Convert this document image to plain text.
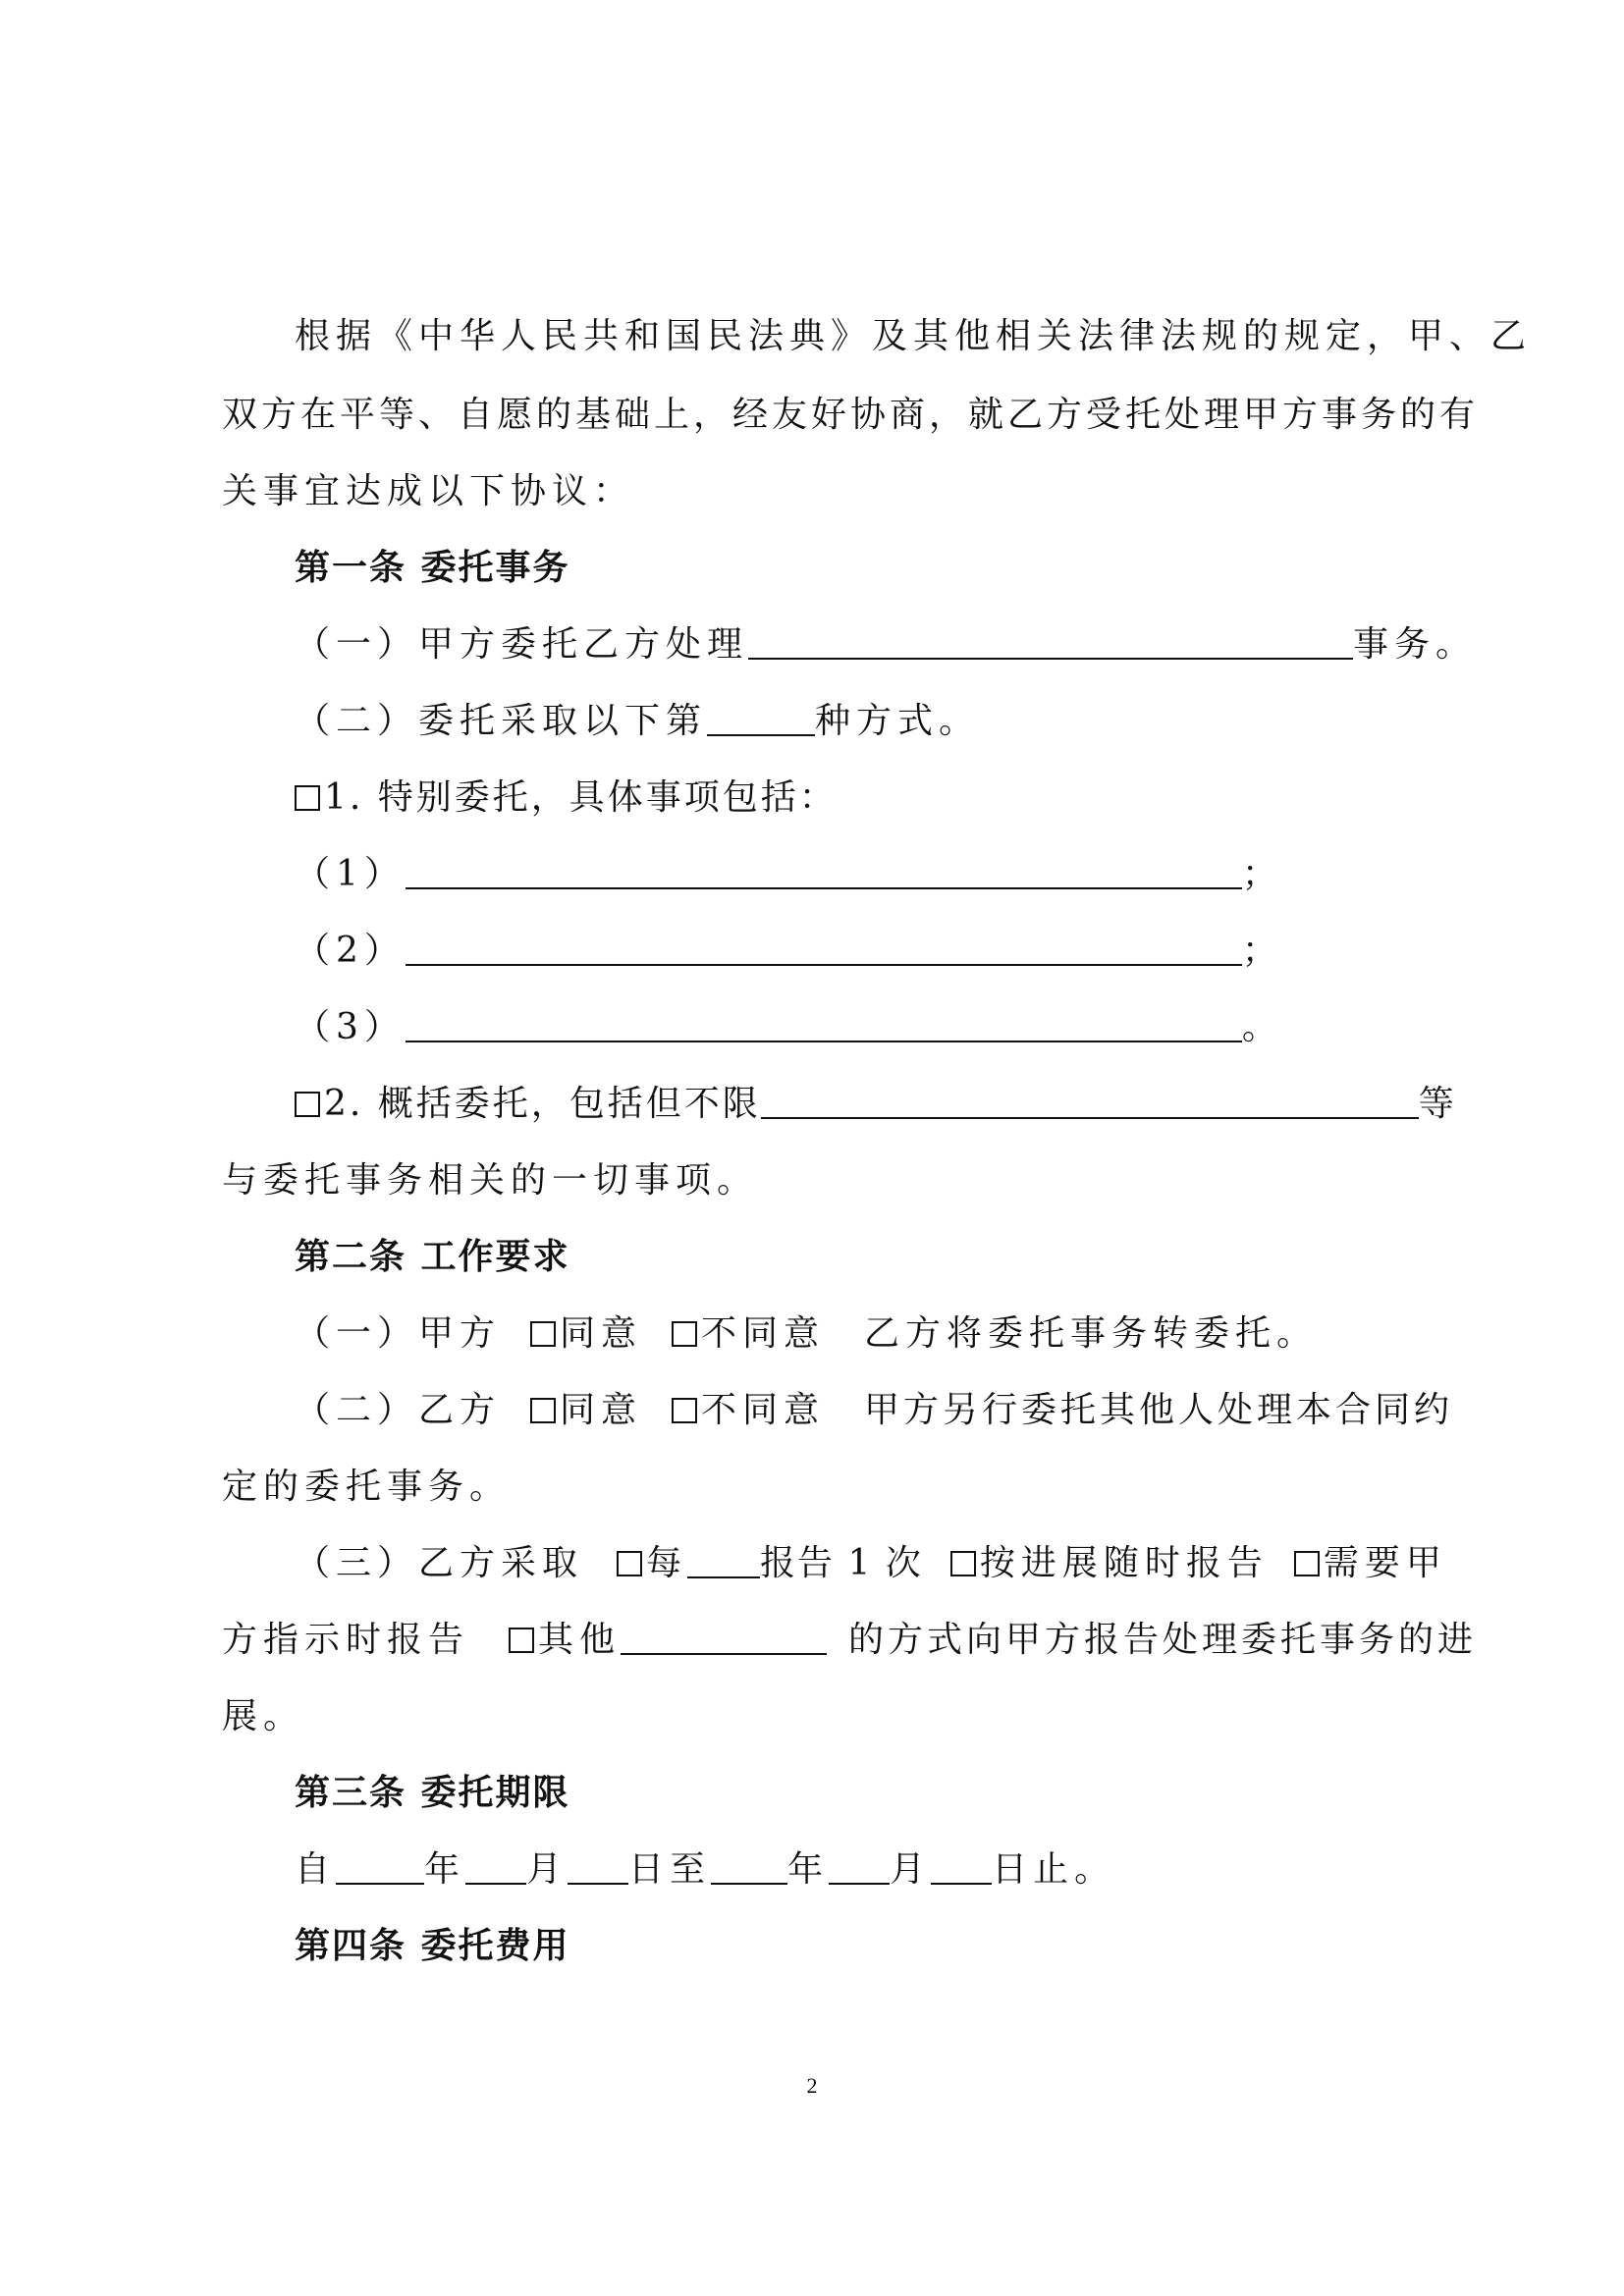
根据《中华人民共和国民法典》及其他相关法律法规的规定，甲、乙
双方在平等、自愿的基础上，经友好协商，就乙方受托处理甲方事务的有
关事宜达成以下协议：
第一条 委托事务
（一）甲方委托乙方处理	事务。
（二）委托采取以下第	种方式。
1. 特别委托，具体事项包括：
（1）	；
（2）	；
（3）	。
2. 概括委托，包括但不限	等
与委托事务相关的一切事项。
第二条 工作要求
（一）甲方 同意 不同意 乙方将委托事务转委托。
（二）乙方 同意 不同意 甲方另行委托其他人处理本合同约
定的委托事务。
（三）乙方采取 每 报告 1 次 按进展随时报告 需要甲
方指示时报告 其他	的方式向甲方报告处理委托事务的进
展。
第三条 委托期限
自	年 月 日至 年 月 日止。
第四条 委托费用
2
